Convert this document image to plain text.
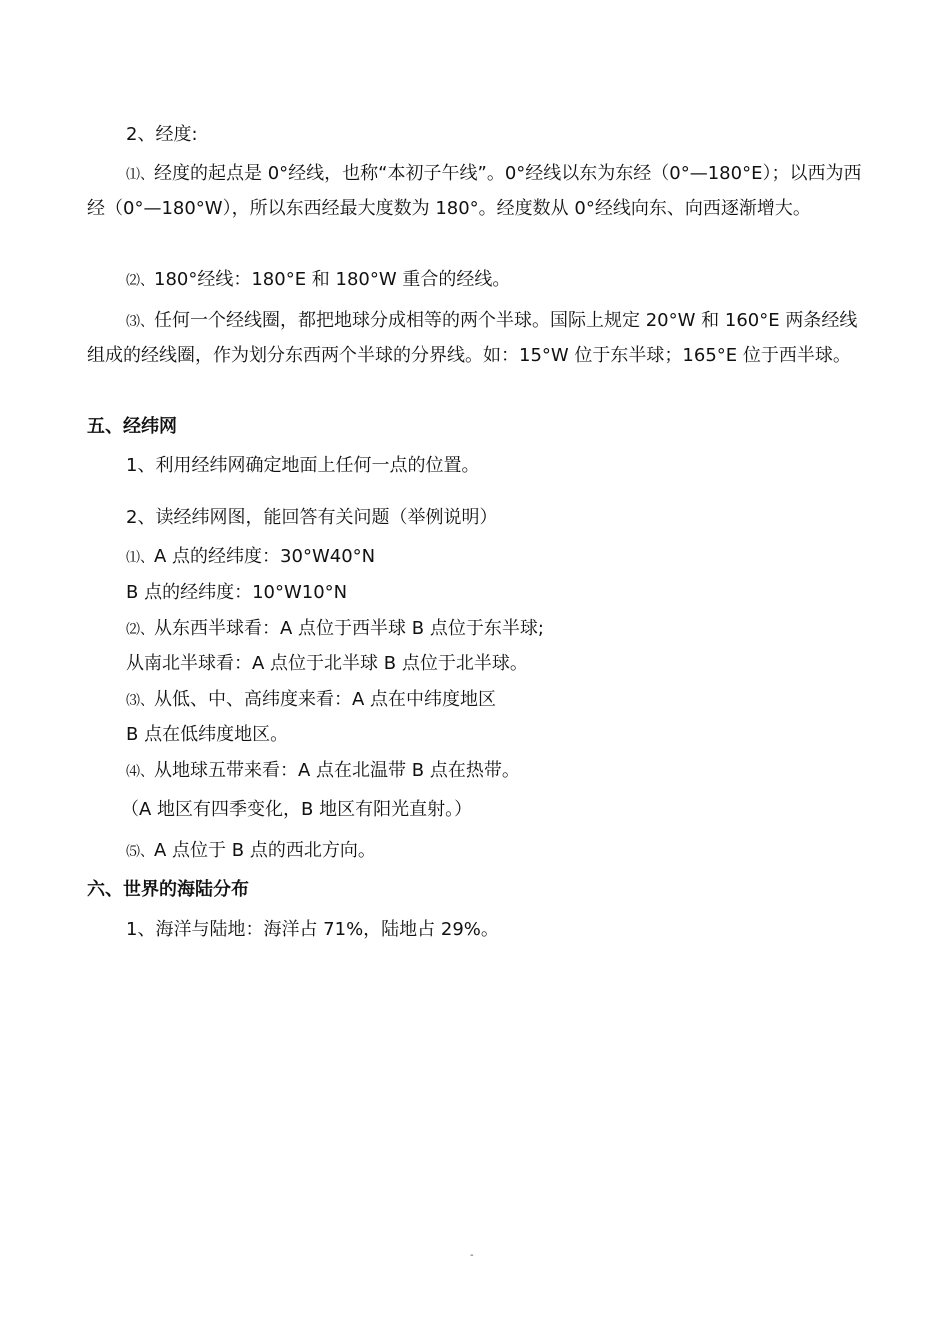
2、经度:
⑴、经度的起点是 0°经线，也称“本初子午线”。0°经线以东为东经（0°—180°E）；以西为西经（0°—180°W），所以东西经最大度数为 180°。经度数从 0°经线向东、向西逐渐增大。
⑵、180°经线：180°E 和 180°W 重合的经线。
⑶、任何一个经线圈，都把地球分成相等的两个半球。国际上规定 20°W 和 160°E 两条经线组成的经线圈，作为划分东西两个半球的分界线。如：15°W 位于东半球；165°E 位于西半球。
五、经纬网
1、利用经纬网确定地面上任何一点的位置。
2、读经纬网图，能回答有关问题（举例说明）
⑴、A 点的经纬度：30°W40°N
B 点的经纬度：10°W10°N
⑵、从东西半球看：A 点位于西半球 B 点位于东半球;
从南北半球看：A 点位于北半球 B 点位于北半球。
⑶、从低、中、高纬度来看：A 点在中纬度地区
B 点在低纬度地区。
⑷、从地球五带来看：A 点在北温带 B 点在热带。
（A 地区有四季变化，B 地区有阳光直射。）
⑸、A 点位于 B 点的西北方向。
六、世界的海陆分布
1、海洋与陆地：海洋占 71%，陆地占 29%。
-
